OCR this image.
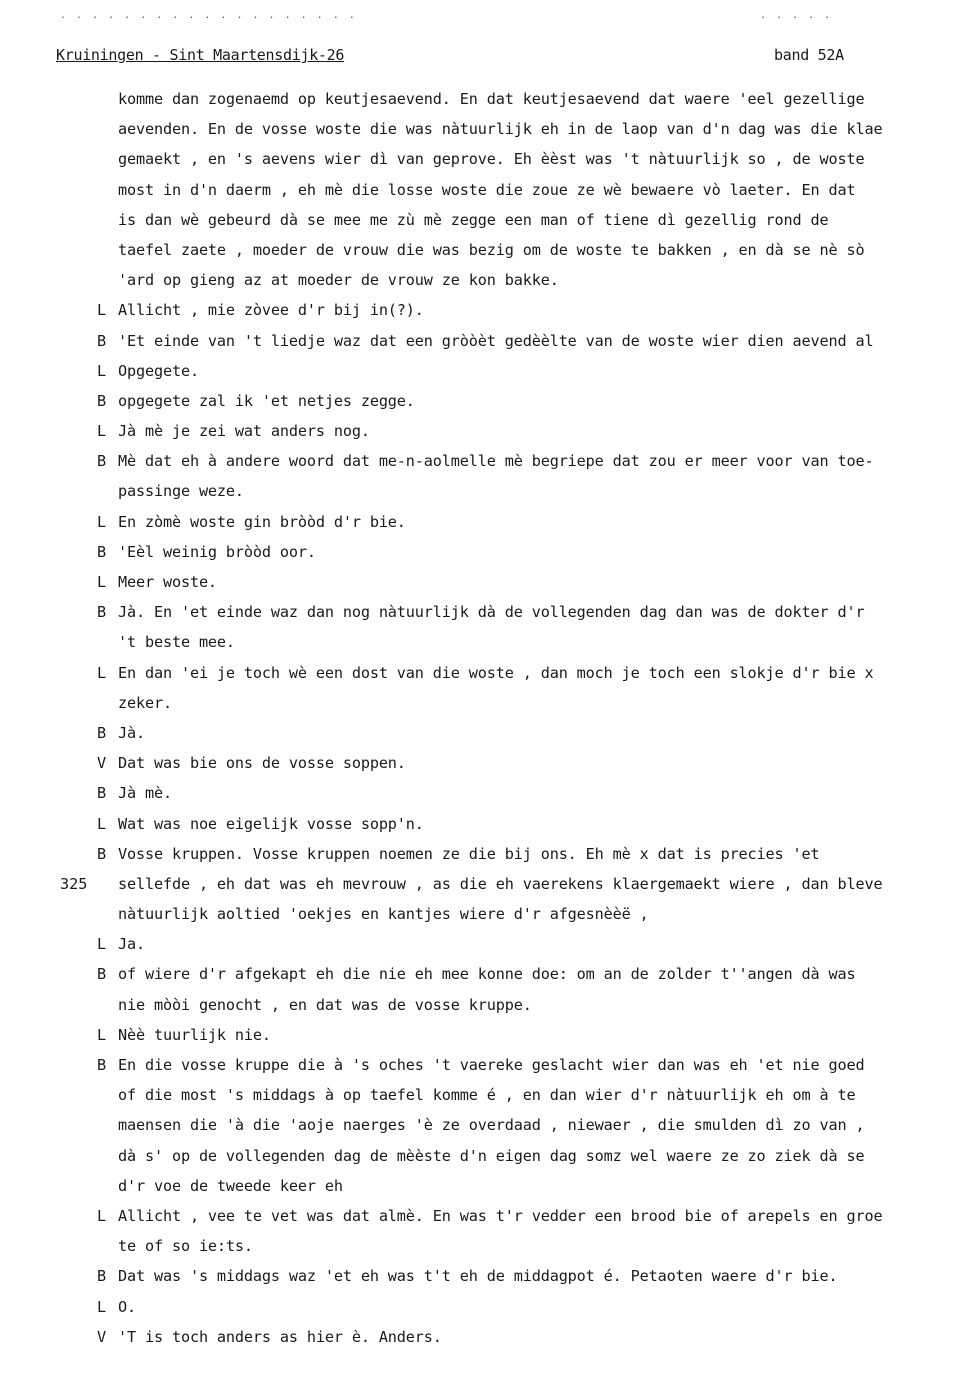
. . . . . . . . . . . . . . . . . . .	. . . . .
Kruiningen - Sint Maartensdijk-26	band 52A
komme dan zogenaemd op keutjesaevend. En dat keutjesaevend dat waere 'eel gezellige
aevenden. En de vosse woste die was nàtuurlijk eh in de laop van d'n dag was die klae
gemaekt , en 's aevens wier dì van geprove. Eh èèst was 't nàtuurlijk so , de woste
most in d'n daerm , eh mè die losse woste die zoue ze wè bewaere vò laeter. En dat
is dan wè gebeurd dà se mee me zù mè zegge een man of tiene dì gezellig rond de
taefel zaete , moeder de vrouw die was bezig om de woste te bakken , en dà se nè sò
'ard op gieng az at moeder de vrouw ze kon bakke.
L Allicht , mie zòvee d'r bij in(?).
B 'Et einde van 't liedje waz dat een gròòèt gedèèlte van de woste wier dien aevend al
L Opgegete.
B opgegete zal ik 'et netjes zegge.
L Jà mè je zei wat anders nog.
B Mè dat eh à andere woord dat me-n-aolmelle mè begriepe dat zou er meer voor van toe-
passinge weze.
L En zòmè woste gin bròòd d'r bie.
B 'Eèl weinig bròòd oor.
L Meer woste.
B Jà. En 'et einde waz dan nog nàtuurlijk dà de vollegenden dag dan was de dokter d'r
't beste mee.
L En dan 'ei je toch wè een dost van die woste , dan moch je toch een slokje d'r bie x
zeker.
B Jà.
V Dat was bie ons de vosse soppen.
B Jà mè.
L Wat was noe eigelijk vosse sopp'n.
B Vosse kruppen. Vosse kruppen noemen ze die bij ons. Eh mè x dat is precies 'et
325 sellefde , eh dat was eh mevrouw , as die eh vaerekens klaergemaekt wiere , dan bleve
nàtuurlijk aoltied 'oekjes en kantjes wiere d'r afgesnèèë ,
L Ja.
B of wiere d'r afgekapt eh die nie eh mee konne doe: om an de zolder t''angen dà was
nie mòòi genocht , en dat was de vosse kruppe.
L Nèè tuurlijk nie.
B En die vosse kruppe die à 's oches 't vaereke geslacht wier dan was eh 'et nie goed
of die most 's middags à op taefel komme é , en dan wier d'r nàtuurlijk eh om à te
maensen die 'à die 'aoje naerges 'è ze overdaad , niewaer , die smulden dì zo van ,
dà s' op de vollegenden dag de mèèste d'n eigen dag somz wel waere ze zo ziek dà se
d'r voe de tweede keer eh
L Allicht , vee te vet was dat almè. En was t'r vedder een brood bie of arepels en groe
te of so ie:ts.
B Dat was 's middags waz 'et eh was t't eh de middagpot é. Petaoten waere d'r bie.
L O.
V 'T is toch anders as hier è. Anders.
